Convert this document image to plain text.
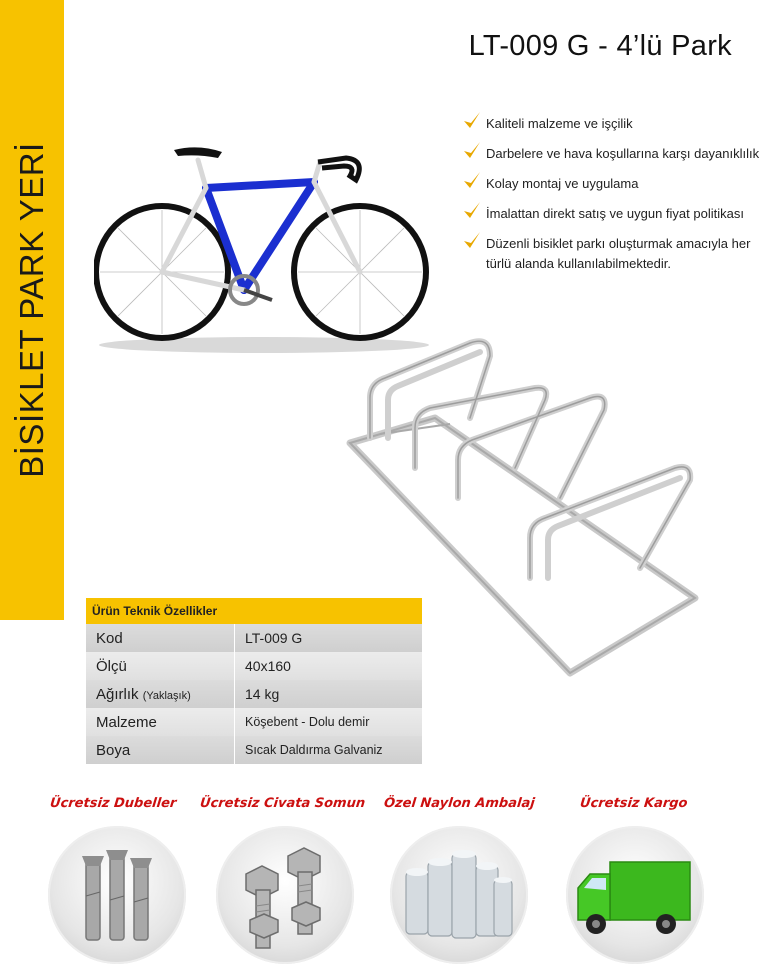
BİSİKLET PARK YERİ
LT-009 G - 4’lü Park
Kaliteli malzeme ve işçilik
Darbelere ve hava koşullarına karşı dayanıklılık
Kolay montaj ve uygulama
İmalattan direkt satış ve uygun fiyat politikası
Düzenli bisiklet parkı oluşturmak amacıyla her türlü alanda kullanılabilmektedir.
Ürün Teknik Özellikler	
Kod	LT-009 G
Ölçü	40x160
Ağırlık (Yaklaşık)	14 kg
Malzeme	Köşebent - Dolu demir
Boya	Sıcak Daldırma Galvaniz
Ücretsiz Dubeller Ücretsiz Civata Somun Özel Naylon Ambalaj	Ücretsiz Kargo
